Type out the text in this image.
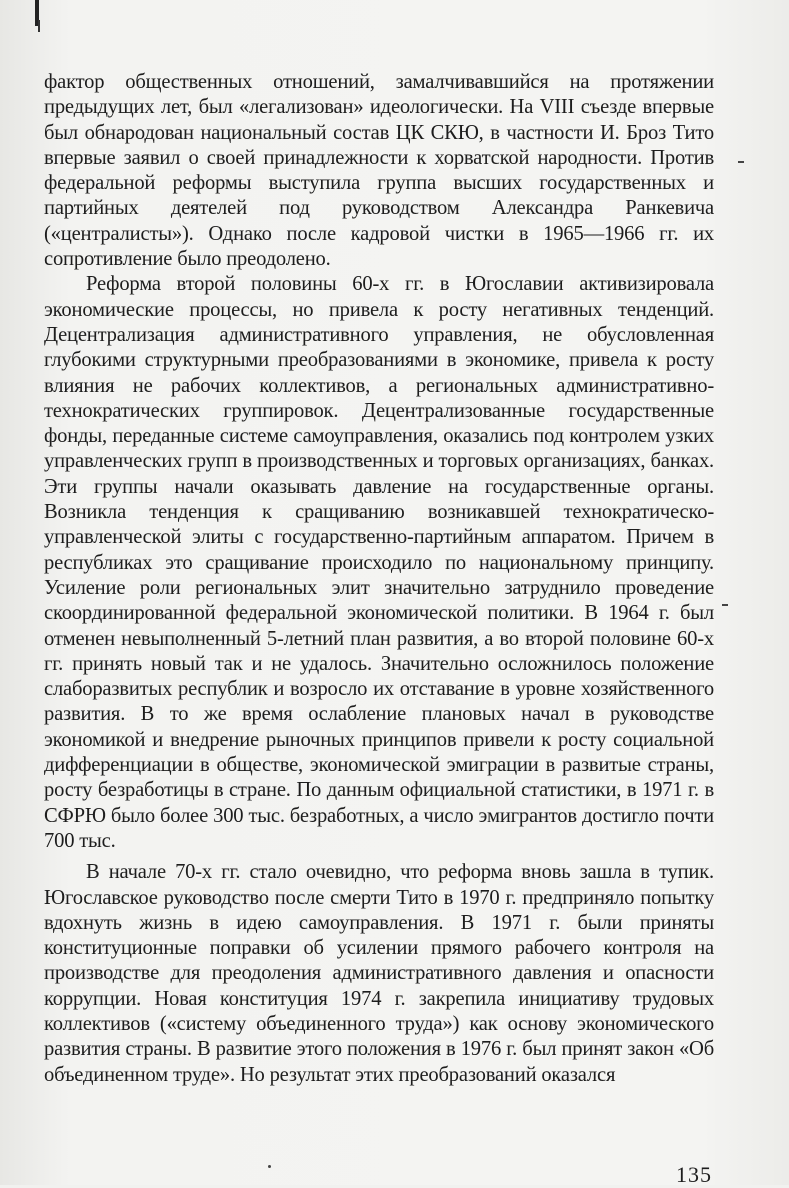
фактор общественных отношений, замалчивавшийся на протяжении предыдущих лет, был «легализован» идеологически. На VIII съезде впервые был обнародован национальный состав ЦК СКЮ, в частности И. Броз Тито впервые заявил о своей принадлежности к хорватской народности. Против федеральной реформы выступила группа высших государственных и партийных деятелей под руководством Александра Ранкевича («централисты»). Однако после кадровой чистки в 1965—1966 гг. их сопротивление было преодолено.

Реформа второй половины 60-х гг. в Югославии активизировала экономические процессы, но привела к росту негативных тенденций. Децентрализация административного управления, не обусловленная глубокими структурными преобразованиями в экономике, привела к росту влияния не рабочих коллективов, а региональных административно-технократических группировок. Децентрализованные государственные фонды, переданные системе самоуправления, оказались под контролем узких управленческих групп в производственных и торговых организациях, банках. Эти группы начали оказывать давление на государственные органы. Возникла тенденция к сращиванию возникавшей технократическо-управленческой элиты с государственно-партийным аппаратом. Причем в республиках это сращивание происходило по национальному принципу. Усиление роли региональных элит значительно затруднило проведение скоординированной федеральной экономической политики. В 1964 г. был отменен невыполненный 5-летний план развития, а во второй половине 60-х гг. принять новый так и не удалось. Значительно осложнилось положение слаборазвитых республик и возросло их отставание в уровне хозяйственного развития. В то же время ослабление плановых начал в руководстве экономикой и внедрение рыночных принципов привели к росту социальной дифференциации в обществе, экономической эмиграции в развитые страны, росту безработицы в стране. По данным официальной статистики, в 1971 г. в СФРЮ было более 300 тыс. безработных, а число эмигрантов достигло почти 700 тыс.

В начале 70-х гг. стало очевидно, что реформа вновь зашла в тупик. Югославское руководство после смерти Тито в 1970 г. предприняло попытку вдохнуть жизнь в идею самоуправления. В 1971 г. были приняты конституционные поправки об усилении прямого рабочего контроля на производстве для преодоления административного давления и опасности коррупции. Новая конституция 1974 г. закрепила инициативу трудовых коллективов («систему объединенного труда») как основу экономического развития страны. В развитие этого положения в 1976 г. был принят закон «Об объединенном труде». Но результат этих преобразований оказался

135
